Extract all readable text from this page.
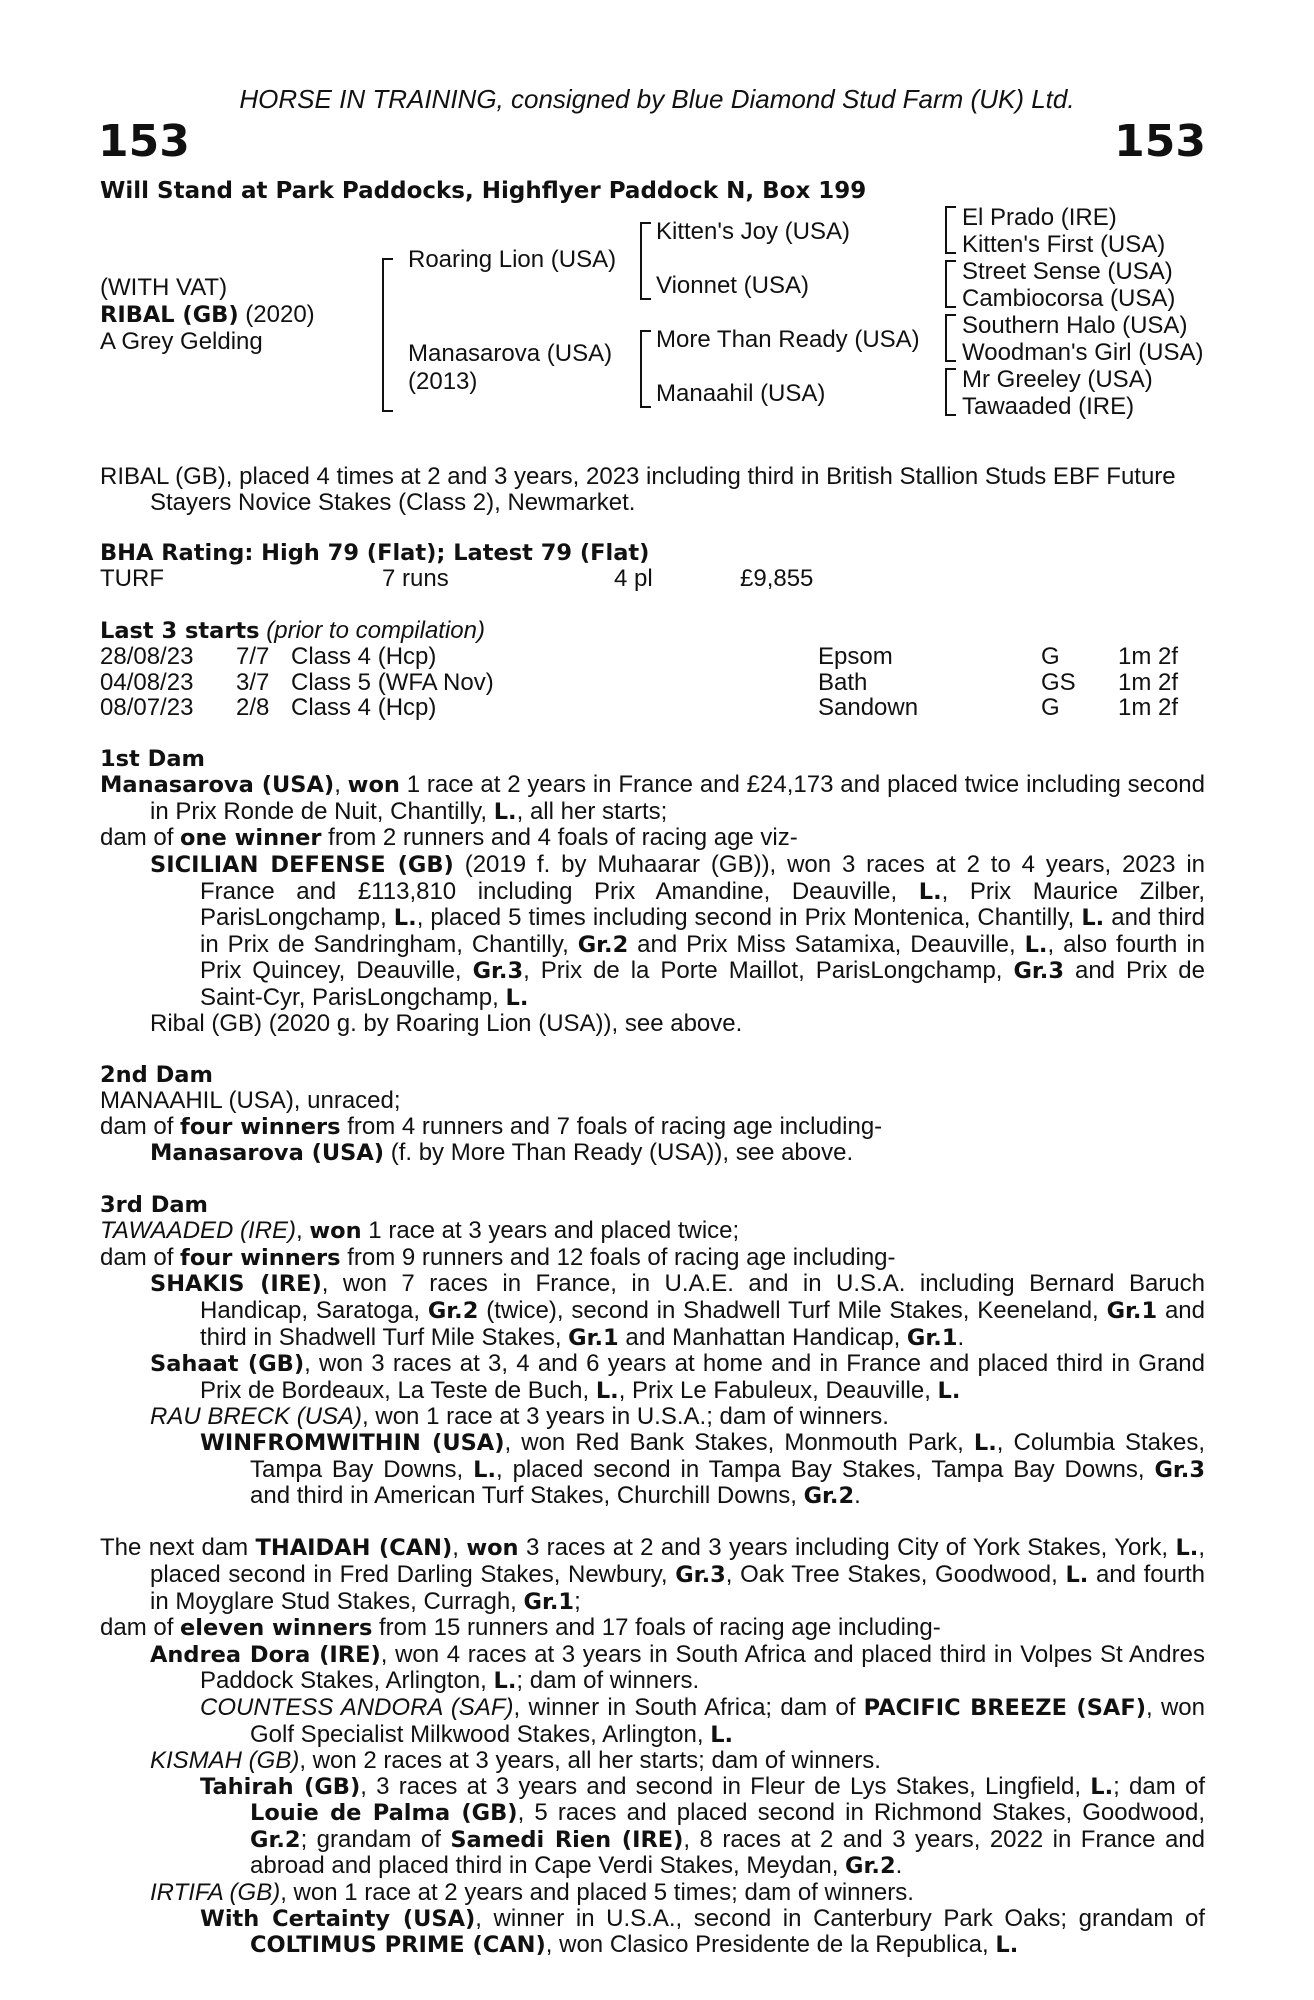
HORSE IN TRAINING, consigned by Blue Diamond Stud Farm (UK) Ltd.
153	153
Will Stand at Park Paddocks, Highflyer Paddock N, Box 199
(WITH VAT)
RIBAL (GB) (2020)
A Grey Gelding
Roaring Lion (USA)
Manasarova (USA)
(2013)
Kitten's Joy (USA)
Vionnet (USA)
More Than Ready (USA)
Manaahil (USA)
El Prado (IRE)
Kitten's First (USA)
Street Sense (USA)
Cambiocorsa (USA)
Southern Halo (USA)
Woodman's Girl (USA)
Mr Greeley (USA)
Tawaaded (IRE)

RIBAL (GB), placed 4 times at 2 and 3 years, 2023 including third in British Stallion Studs EBF Future Stayers Novice Stakes (Class 2), Newmarket.

BHA Rating: High 79 (Flat); Latest 79 (Flat)
TURF	7 runs	4 pl	£9,855
Last 3 starts (prior to compilation)
28/08/23 7/7 Class 4 (Hcp)	Epsom	G 1m 2f
04/08/23 3/7 Class 5 (WFA Nov)	Bath	GS 1m 2f
08/07/23 2/8 Class 4 (Hcp)	Sandown	G 1m 2f
1st Dam

Manasarova (USA), won 1 race at 2 years in France and £24,173 and placed twice including second in Prix Ronde de Nuit, Chantilly, L., all her starts;

dam of one winner from 2 runners and 4 foals of racing age viz-

SICILIAN DEFENSE (GB) (2019 f. by Muhaarar (GB)), won 3 races at 2 to 4 years, 2023 in France and £113,810 including Prix Amandine, Deauville, L., Prix Maurice Zilber, ParisLongchamp, L., placed 5 times including second in Prix Montenica, Chantilly, L. and third in Prix de Sandringham, Chantilly, Gr.2 and Prix Miss Satamixa, Deauville, L., also fourth in Prix Quincey, Deauville, Gr.3, Prix de la Porte Maillot, ParisLongchamp, Gr.3 and Prix de Saint-Cyr, ParisLongchamp, L.

Ribal (GB) (2020 g. by Roaring Lion (USA)), see above.

2nd Dam

MANAAHIL (USA), unraced;

dam of four winners from 4 runners and 7 foals of racing age including-

Manasarova (USA) (f. by More Than Ready (USA)), see above.

3rd Dam

TAWAADED (IRE), won 1 race at 3 years and placed twice;

dam of four winners from 9 runners and 12 foals of racing age including-

SHAKIS (IRE), won 7 races in France, in U.A.E. and in U.S.A. including Bernard Baruch Handicap, Saratoga, Gr.2 (twice), second in Shadwell Turf Mile Stakes, Keeneland, Gr.1 and third in Shadwell Turf Mile Stakes, Gr.1 and Manhattan Handicap, Gr.1.

Sahaat (GB), won 3 races at 3, 4 and 6 years at home and in France and placed third in Grand Prix de Bordeaux, La Teste de Buch, L., Prix Le Fabuleux, Deauville, L.

RAU BRECK (USA), won 1 race at 3 years in U.S.A.; dam of winners.

WINFROMWITHIN (USA), won Red Bank Stakes, Monmouth Park, L., Columbia Stakes, Tampa Bay Downs, L., placed second in Tampa Bay Stakes, Tampa Bay Downs, Gr.3 and third in American Turf Stakes, Churchill Downs, Gr.2.

The next dam THAIDAH (CAN), won 3 races at 2 and 3 years including City of York Stakes, York, L., placed second in Fred Darling Stakes, Newbury, Gr.3, Oak Tree Stakes, Goodwood, L. and fourth in Moyglare Stud Stakes, Curragh, Gr.1;

dam of eleven winners from 15 runners and 17 foals of racing age including-

Andrea Dora (IRE), won 4 races at 3 years in South Africa and placed third in Volpes St Andres Paddock Stakes, Arlington, L.; dam of winners.

COUNTESS ANDORA (SAF), winner in South Africa; dam of PACIFIC BREEZE (SAF), won Golf Specialist Milkwood Stakes, Arlington, L.

KISMAH (GB), won 2 races at 3 years, all her starts; dam of winners.

Tahirah (GB), 3 races at 3 years and second in Fleur de Lys Stakes, Lingfield, L.; dam of Louie de Palma (GB), 5 races and placed second in Richmond Stakes, Goodwood, Gr.2; grandam of Samedi Rien (IRE), 8 races at 2 and 3 years, 2022 in France and abroad and placed third in Cape Verdi Stakes, Meydan, Gr.2.

IRTIFA (GB), won 1 race at 2 years and placed 5 times; dam of winners.

With Certainty (USA), winner in U.S.A., second in Canterbury Park Oaks; grandam of COLTIMUS PRIME (CAN), won Clasico Presidente de la Republica, L.
